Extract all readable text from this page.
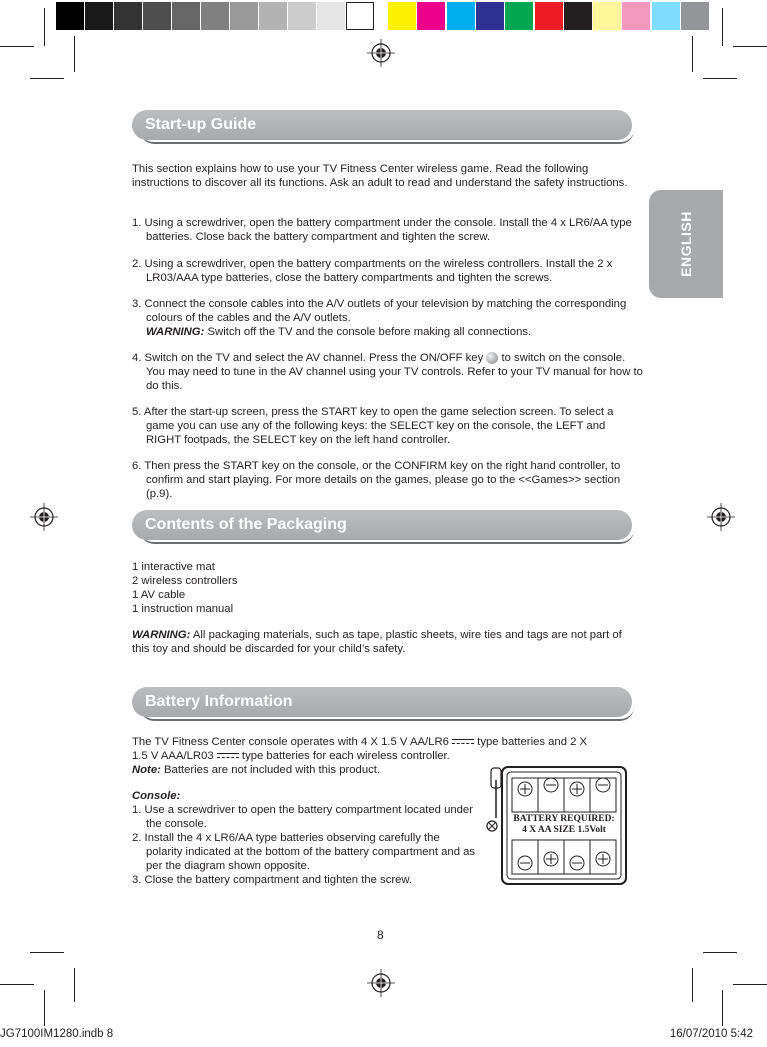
ENGLISH
Start-up Guide
This section explains how to use your TV Fitness Center wireless game. Read the following instructions to discover all its functions. Ask an adult to read and understand the safety instructions.
1. Using a screwdriver, open the battery compartment under the console. Install the 4 x LR6/AA type batteries. Close back the battery compartment and tighten the screw.
2. Using a screwdriver, open the battery compartments on the wireless controllers. Install the 2 x LR03/AAA type batteries, close the battery compartments and tighten the screws.
3. Connect the console cables into the A/V outlets of your television by matching the corresponding colours of the cables and the A/V outlets.
WARNING: Switch off the TV and the console before making all connections.
4. Switch on the TV and select the AV channel. Press the ON/OFF key  to switch on the console. You may need to tune in the AV channel using your TV controls. Refer to your TV manual for how to do this.
5. After the start-up screen, press the START key to open the game selection screen. To select a game you can use any of the following keys: the SELECT key on the console, the LEFT and RIGHT footpads, the SELECT key on the left hand controller.
6. Then press the START key on the console, or the CONFIRM key on the right hand controller, to confirm and start playing. For more details on the games, please go to the <<Games>> section (p.9).
Contents of the Packaging
1 interactive mat
2 wireless controllers
1 AV cable
1 instruction manual
WARNING: All packaging materials, such as tape, plastic sheets, wire ties and tags are not part of this toy and should be discarded for your child’s safety.
Battery Information
The TV Fitness Center console operates with 4 X 1.5 V AA/LR6  type batteries and 2 X
1.5 V AAA/LR03  type batteries for each wireless controller.
Note: Batteries are not included with this product.
Console:
1. Use a screwdriver to open the battery compartment located under the console.
2. Install the 4 x LR6/AA type batteries observing carefully the polarity indicated at the bottom of the battery compartment and as per the diagram shown opposite.
3. Close the battery compartment and tighten the screw.
BATTERY REQUIRED:
4 X AA SIZE 1.5Volt
8
JG7100IM1280.indb 8	16/07/2010 5:42
